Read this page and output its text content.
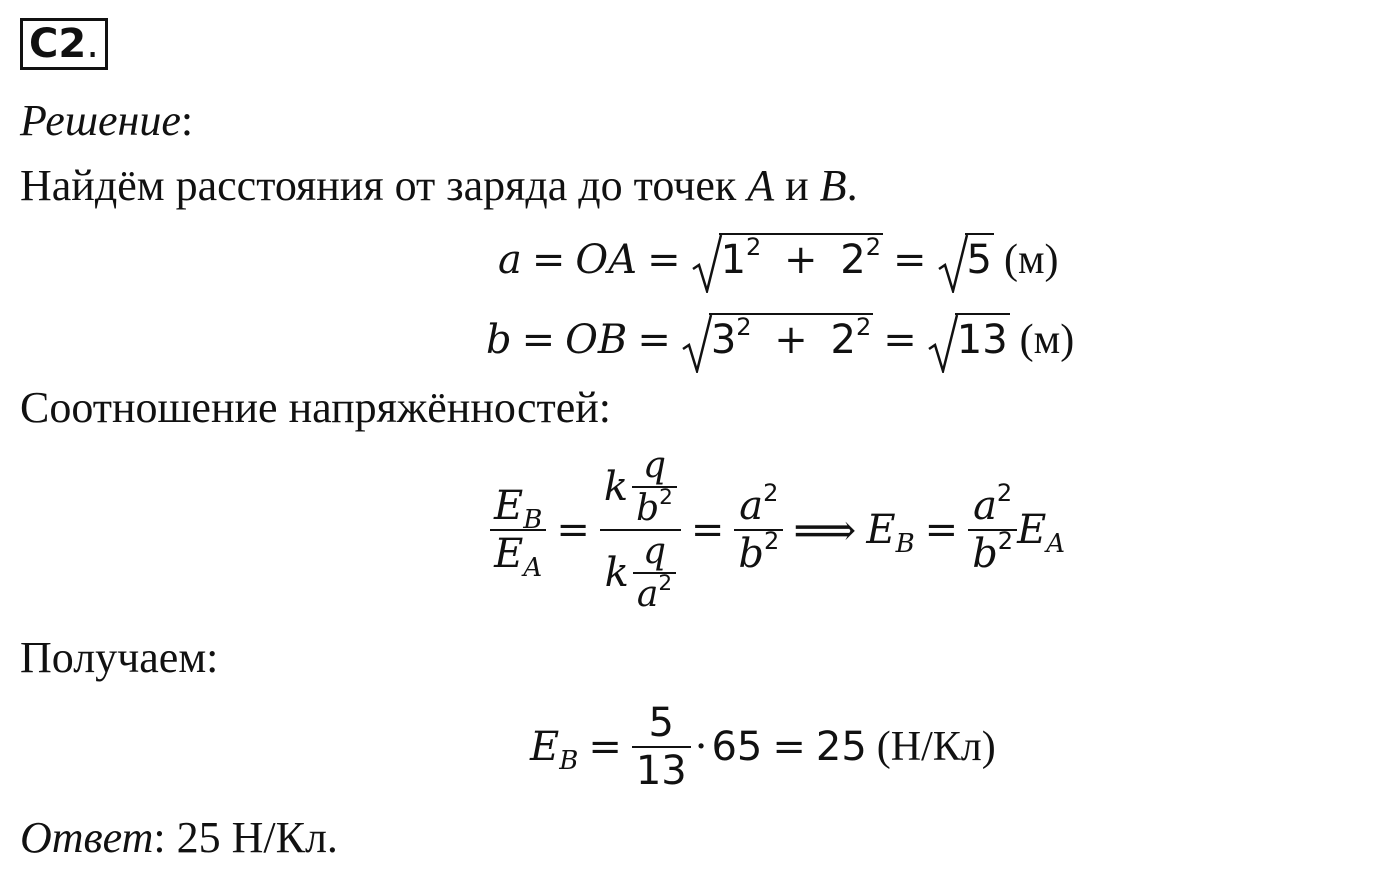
C2.
Решение:
Найдём расстояния от заряда до точек A и B.
a = OA =	$1^2 + 2^2$ =	5 (м)
b = OB =	$3^2 + 2^2$ =	13 (м)
Соотношение напряжённостей:
$\frac{E_B}{E_A} = \frac{k \frac{q}{b^2}}{k \frac{q}{a^2}} = \frac{a^2}{b^2}$ ⟹ $E_B = \frac{a^2}{b^2} E_A$
Получаем:
$E_B = \frac{5}{13} \cdot 65 = 25$ (Н/Кл)
Ответ: 25 Н/Кл.
